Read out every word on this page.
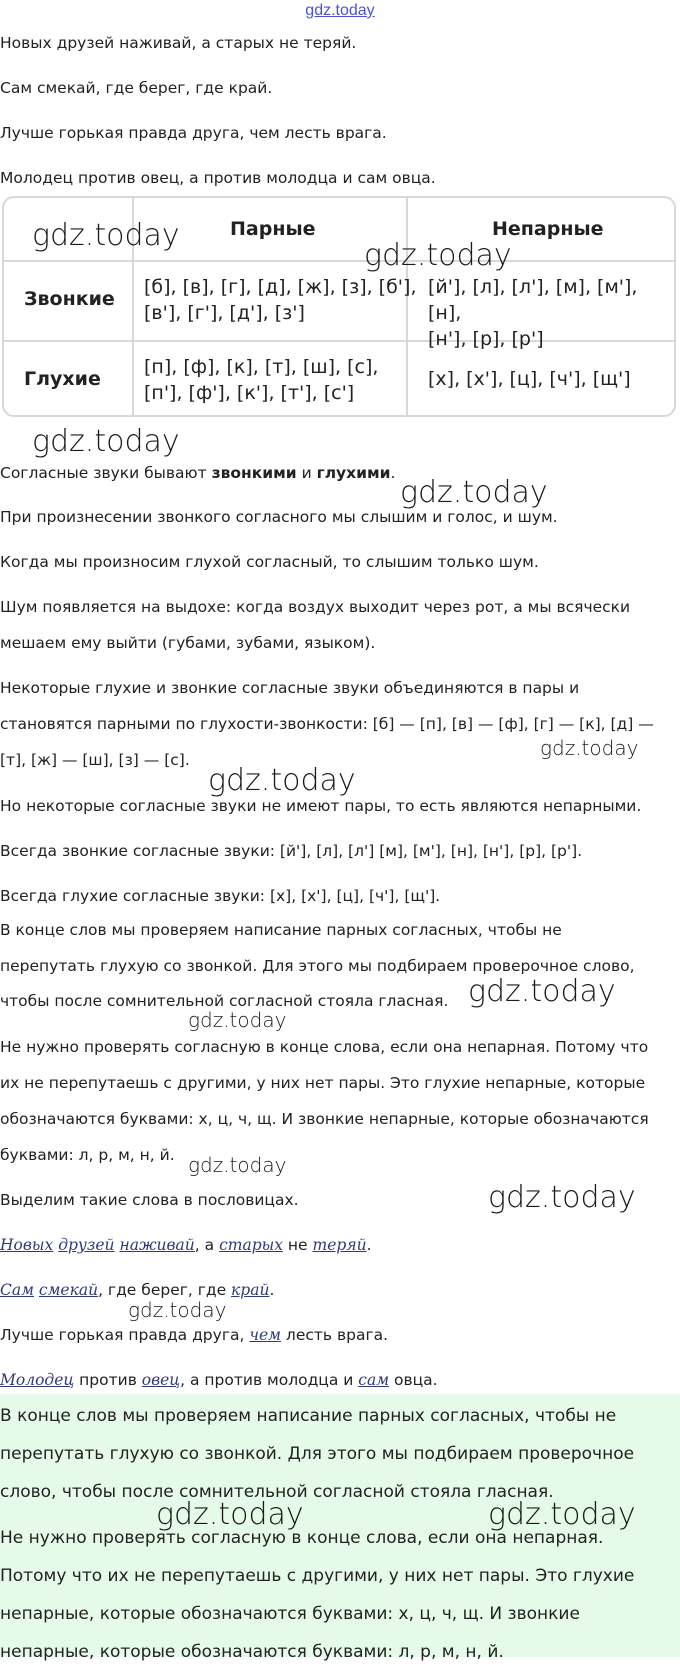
gdz.today

Новых друзей наживай, а старых не теряй.

Сам смекай, где берег, где край.

Лучше горькая правда друга, чем лесть врага.

Молодец против овец, а против молодца и сам овца.

Парные	Непарные
Звонкие
[б], [в], [г], [д], [ж], [з], [б'],
[в'], [г'], [д'], [з']
[й'], [л], [л'], [м], [м'], [н],
[н'], [р], [р']
Глухие
[п], [ф], [к], [т], [ш], [с],
[п'], [ф'], [к'], [т'], [с']
[х], [х'], [ц], [ч'], [щ']

Согласные звуки бывают звонкими и глухими.

При произнесении звонкого согласного мы слышим и голос, и шум.

Когда мы произносим глухой согласный, то слышим только шум.

Шум появляется на выдохе: когда воздух выходит через рот, а мы всячески

мешаем ему выйти (губами, зубами, языком).

Некоторые глухие и звонкие согласные звуки объединяются в пары и

становятся парными по глухости-звонкости: [б] — [п], [в] — [ф], [г] — [к], [д] —

[т], [ж] — [ш], [з] — [с].

Но некоторые согласные звуки не имеют пары, то есть являются непарными.

Всегда звонкие согласные звуки: [й'], [л], [л'] [м], [м'], [н], [н'], [р], [р'].

Всегда глухие согласные звуки: [х], [х'], [ц], [ч'], [щ'].

В конце слов мы проверяем написание парных согласных, чтобы не

перепутать глухую со звонкой. Для этого мы подбираем проверочное слово,

чтобы после сомнительной согласной стояла гласная.

Не нужно проверять согласную в конце слова, если она непарная. Потому что

их не перепутаешь с другими, у них нет пары. Это глухие непарные, которые

обозначаются буквами: х, ц, ч, щ. И звонкие непарные, которые обозначаются

буквами: л, р, м, н, й.

Выделим такие слова в пословицах.

Новых друзей наживай, а старых не теряй.

Сам смекай, где берег, где край.

Лучше горькая правда друга, чем лесть врага.

Молодец против овец, а против молодца и сам овца.

В конце слов мы проверяем написание парных согласных, чтобы не

перепутать глухую со звонкой. Для этого мы подбираем проверочное

слово, чтобы после сомнительной согласной стояла гласная.

Не нужно проверять согласную в конце слова, если она непарная.

Потому что их не перепутаешь с другими, у них нет пары. Это глухие

непарные, которые обозначаются буквами: х, ц, ч, щ. И звонкие

непарные, которые обозначаются буквами: л, р, м, н, й.

gdz.today
gdz.today
gdz.today
gdz.today
gdz.today
gdz.today
gdz.today
gdz.today
gdz.today
gdz.today
gdz.today
gdz.today	gdz.today
